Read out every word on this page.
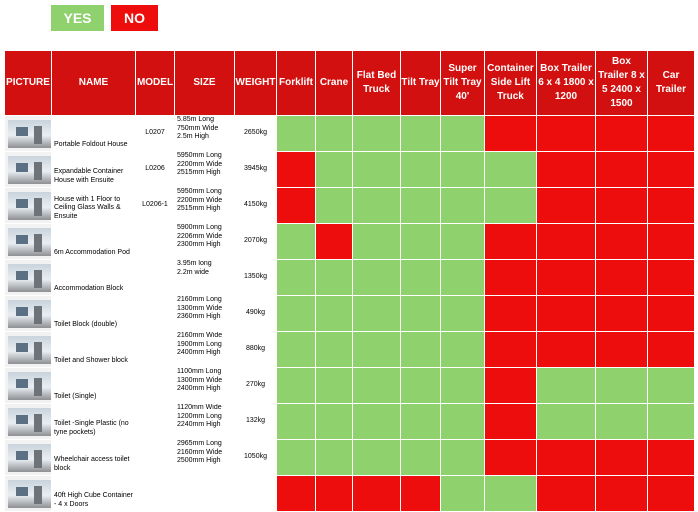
YES	NO
PICTURE	NAME	MODEL	SIZE	WEIGHT	Forklift	Crane	Flat Bed Truck	Tilt Tray	Super Tilt Tray 40'	Container Side Lift Truck	Box Trailer 6 x 4 1800 x 1200	Box Trailer 8 x 5 2400 x 1500	Car Trailer

	Portable Foldout House	L0207	5.85m Long
750mm Wide
2.5m High	2650kg									

	Expandable Container House with Ensuite	L0206	5950mm Long
2200mm Wide
2515mm High	3945kg									

	House with 1 Floor to Ceiling Glass Walls & Ensuite	L0206-1	5950mm Long
2200mm Wide
2515mm High	4150kg									

	6m Accommodation Pod		5900mm Long
2206mm Wide
2300mm High	2070kg									

	Accommodation Block		3.95m long
2.2m wide	1350kg									

	Toilet Block (double)		2160mm Long
1300mm Wide
2360mm High	490kg									

	Toilet and Shower block		2160mm Wide
1900mm Long
2400mm High	880kg									

	Toilet (Single)		1100mm Long
1300mm Wide
2400mm High	270kg									

	Toilet -Single Plastic (no tyne pockets)		1120mm Wide
1200mm Long
2240mm High	132kg									

	Wheelchair access toilet block		2965mm Long
2160mm Wide
2500mm High	1050kg									

	40ft High Cube Container - 4 x Doors												
